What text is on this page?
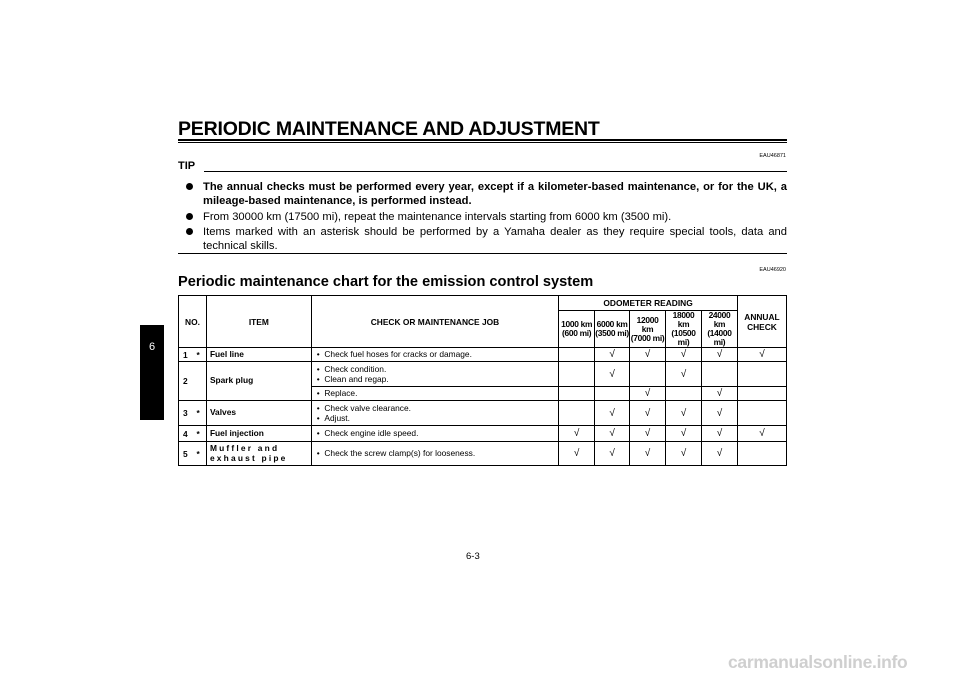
PERIODIC MAINTENANCE AND ADJUSTMENT
6
EAU46871
TIP
The annual checks must be performed every year, except if a kilometer-based maintenance, or for the UK, a mileage-based maintenance, is performed instead.
From 30000 km (17500 mi), repeat the maintenance intervals starting from 6000 km (3500 mi).
Items marked with an asterisk should be performed by a Yamaha dealer as they require special tools, data and technical skills.
EAU46920
Periodic maintenance chart for the emission control system
NO.		ITEM	CHECK OR MAINTENANCE JOB	ODOMETER READING					ANNUAL CHECK
				1000 km
(600 mi)	6000 km
(3500 mi)	12000 km
(7000 mi)	18000 km
(10500 mi)	24000 km
(14000 mi)	
1	*	Fuel line	•  Check fuel hoses for cracks or damage.		√	√	√	√	√
2		Spark plug	•  Check condition.
•  Clean and regap.		√		√		

			•  Replace.			√		√	
3	*	Valves	•  Check valve clearance.
•  Adjust.		√	√	√	√	
4	*	Fuel injection	•  Check engine idle speed.	√	√	√	√	√	√
5	*	Muffler and exhaust pipe	•  Check the screw clamp(s) for looseness.	√	√	√	√	√	
6-3
carmanualsonline.info
